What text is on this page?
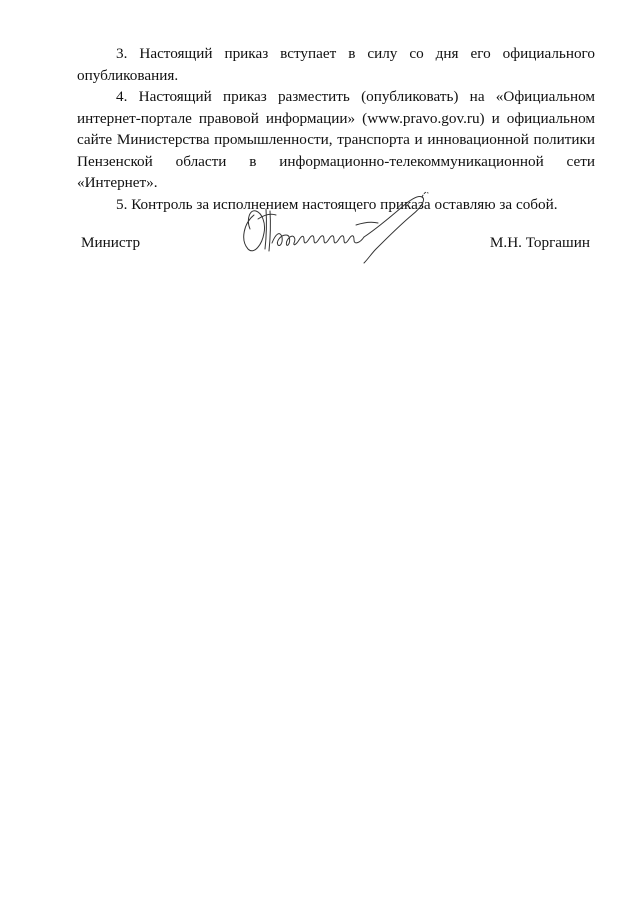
3. Настоящий приказ вступает в силу со дня его официального опубликования.

4. Настоящий приказ разместить (опубликовать) на «Официальном интернет-портале правовой информации» (www.pravo.gov.ru) и официальном сайте Министерства промышленности, транспорта и инновационной политики Пензенской области в информационно-телекоммуникационной сети «Интернет».

5. Контроль за исполнением настоящего приказа оставляю за собой.

Министр	М.Н. Торгашин
